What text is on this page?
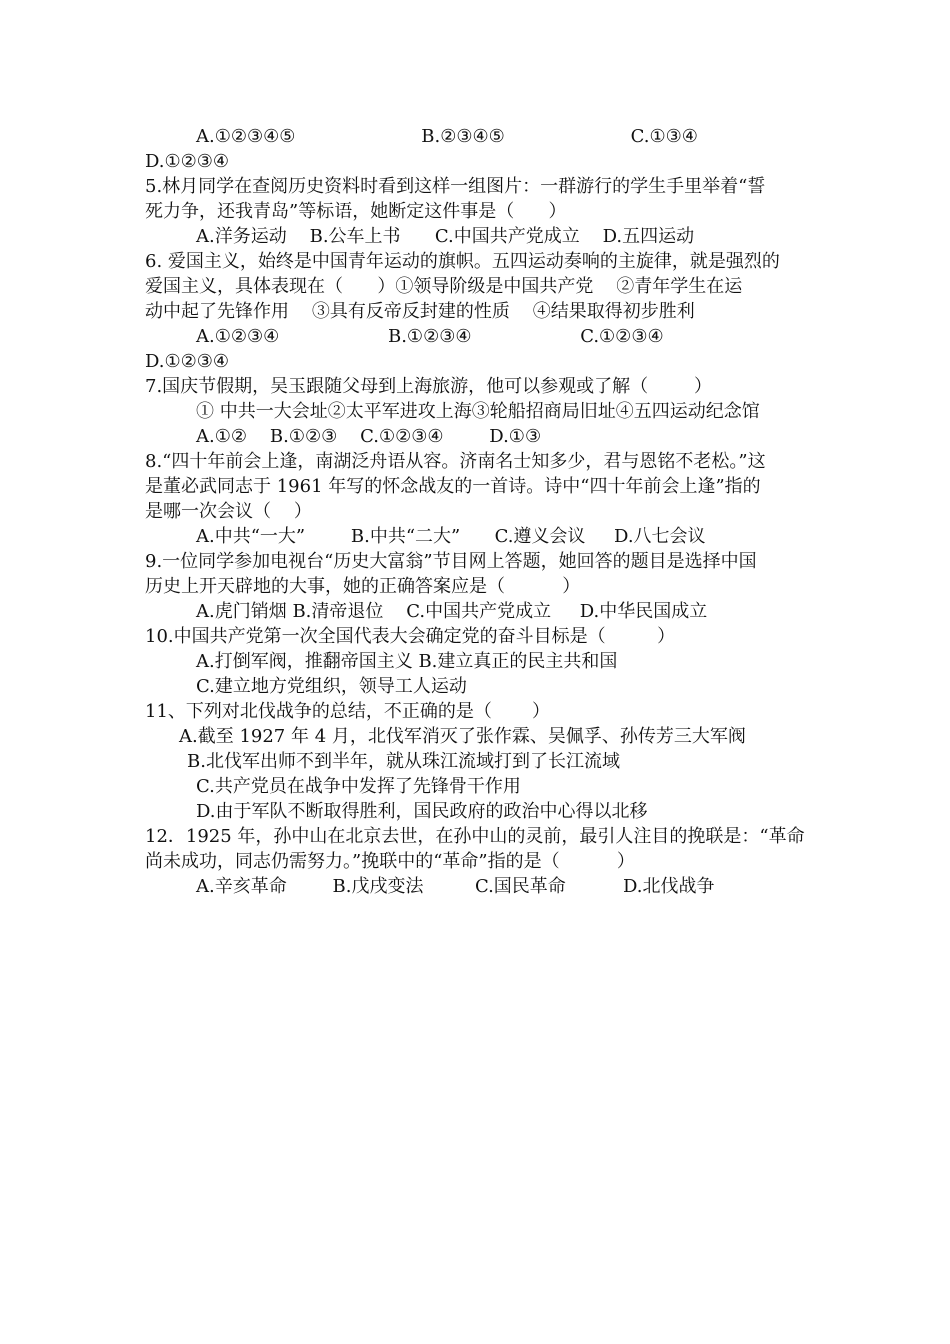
A.①②③④⑤                      B.②③④⑤                      C.①③④
D.①②③④
5.林月同学在查阅历史资料时看到这样一组图片：一群游行的学生手里举着“誓
死力争，还我青岛”等标语，她断定这件事是（      ）
A.洋务运动    B.公车上书      C.中国共产党成立    D.五四运动
6. 爱国主义，始终是中国青年运动的旗帜。五四运动奏响的主旋律，就是强烈的
爱国主义，具体表现在（      ）①领导阶级是中国共产党    ②青年学生在运
动中起了先锋作用    ③具有反帝反封建的性质    ④结果取得初步胜利
A.①②③④                   B.①②③④                   C.①②③④
D.①②③④
7.国庆节假期，吴玉跟随父母到上海旅游，他可以参观或了解（        ）
① 中共一大会址②太平军进攻上海③轮船招商局旧址④五四运动纪念馆
A.①②    B.①②③    C.①②③④        D.①③
8.“四十年前会上逢，南湖泛舟语从容。济南名士知多少，君与恩铭不老松。”这
是董必武同志于 1961 年写的怀念战友的一首诗。诗中“四十年前会上逢”指的
是哪一次会议（    ）
A.中共“一大”        B.中共“二大”      C.遵义会议     D.八七会议
9.一位同学参加电视台“历史大富翁”节目网上答题，她回答的题目是选择中国
历史上开天辟地的大事，她的正确答案应是（          ）
A.虎门销烟 B.清帝退位    C.中国共产党成立     D.中华民国成立
10.中国共产党第一次全国代表大会确定党的奋斗目标是（         ）
A.打倒军阀，推翻帝国主义 B.建立真正的民主共和国
C.建立地方党组织，领导工人运动
11、下列对北伐战争的总结，不正确的是（       ）
A.截至 1927 年 4 月，北伐军消灭了张作霖、吴佩孚、孙传芳三大军阀
B.北伐军出师不到半年，就从珠江流域打到了长江流域
C.共产党员在战争中发挥了先锋骨干作用
D.由于军队不断取得胜利，国民政府的政治中心得以北移
12．1925 年，孙中山在北京去世，在孙中山的灵前，最引人注目的挽联是：“革命
尚未成功，同志仍需努力。”挽联中的“革命”指的是（          ）
A.辛亥革命        B.戊戌变法         C.国民革命          D.北伐战争
